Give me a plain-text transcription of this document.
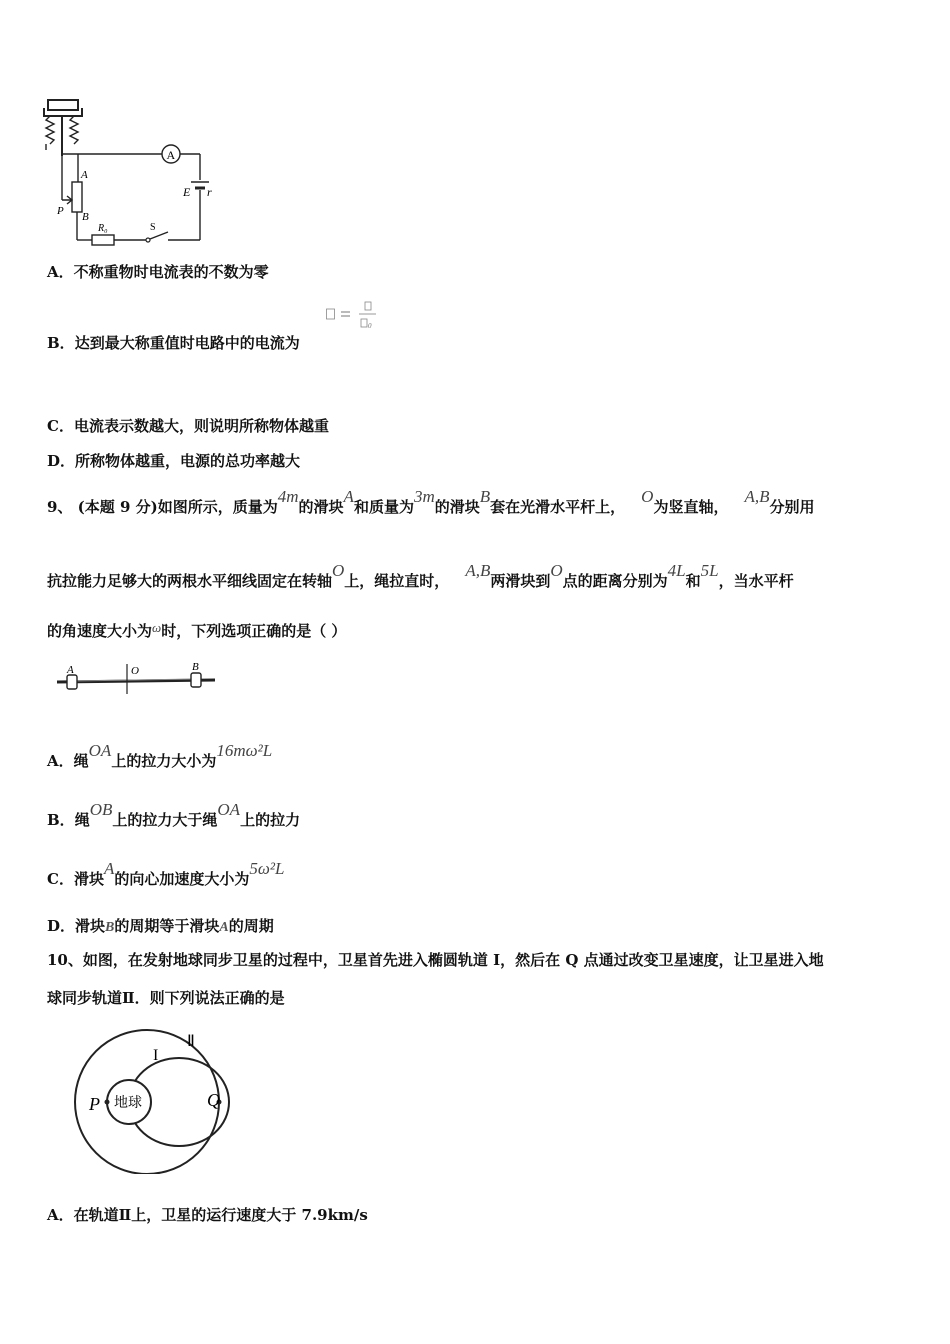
A
E r
A
B
P
R₀	S
A．不称重物时电流表的不数为零
0
B．达到最大称重值时电路中的电流为
C．电流表示数越大，则说明所称物体越重
D．所称物体越重，电源的总功率越大
9、 (本题 9 分)如图所示，质量为4m的滑块A和质量为3m的滑块B套在光滑水平杆上，O为竖直轴，A,B分别用
抗拉能力足够大的两根水平细线固定在转轴O上，绳拉直时，A,B两滑块到O点的距离分别为4L和5L，当水平杆
的角速度大小为ω时，下列选项正确的是（ ）
A	O	B
A．绳OA上的拉力大小为16mω²L
B．绳OB上的拉力大于绳OA上的拉力
C．滑块A的向心加速度大小为5ω²L
D．滑块B的周期等于滑块A的周期
10、如图，在发射地球同步卫星的过程中，卫星首先进入椭圆轨道 I，然后在 Q 点通过改变卫星速度，让卫星进入地
球同步轨道Ⅱ．则下列说法正确的是
地球
P	Q
I
Ⅱ
A．在轨道Ⅱ上，卫星的运行速度大于 7.9km/s
